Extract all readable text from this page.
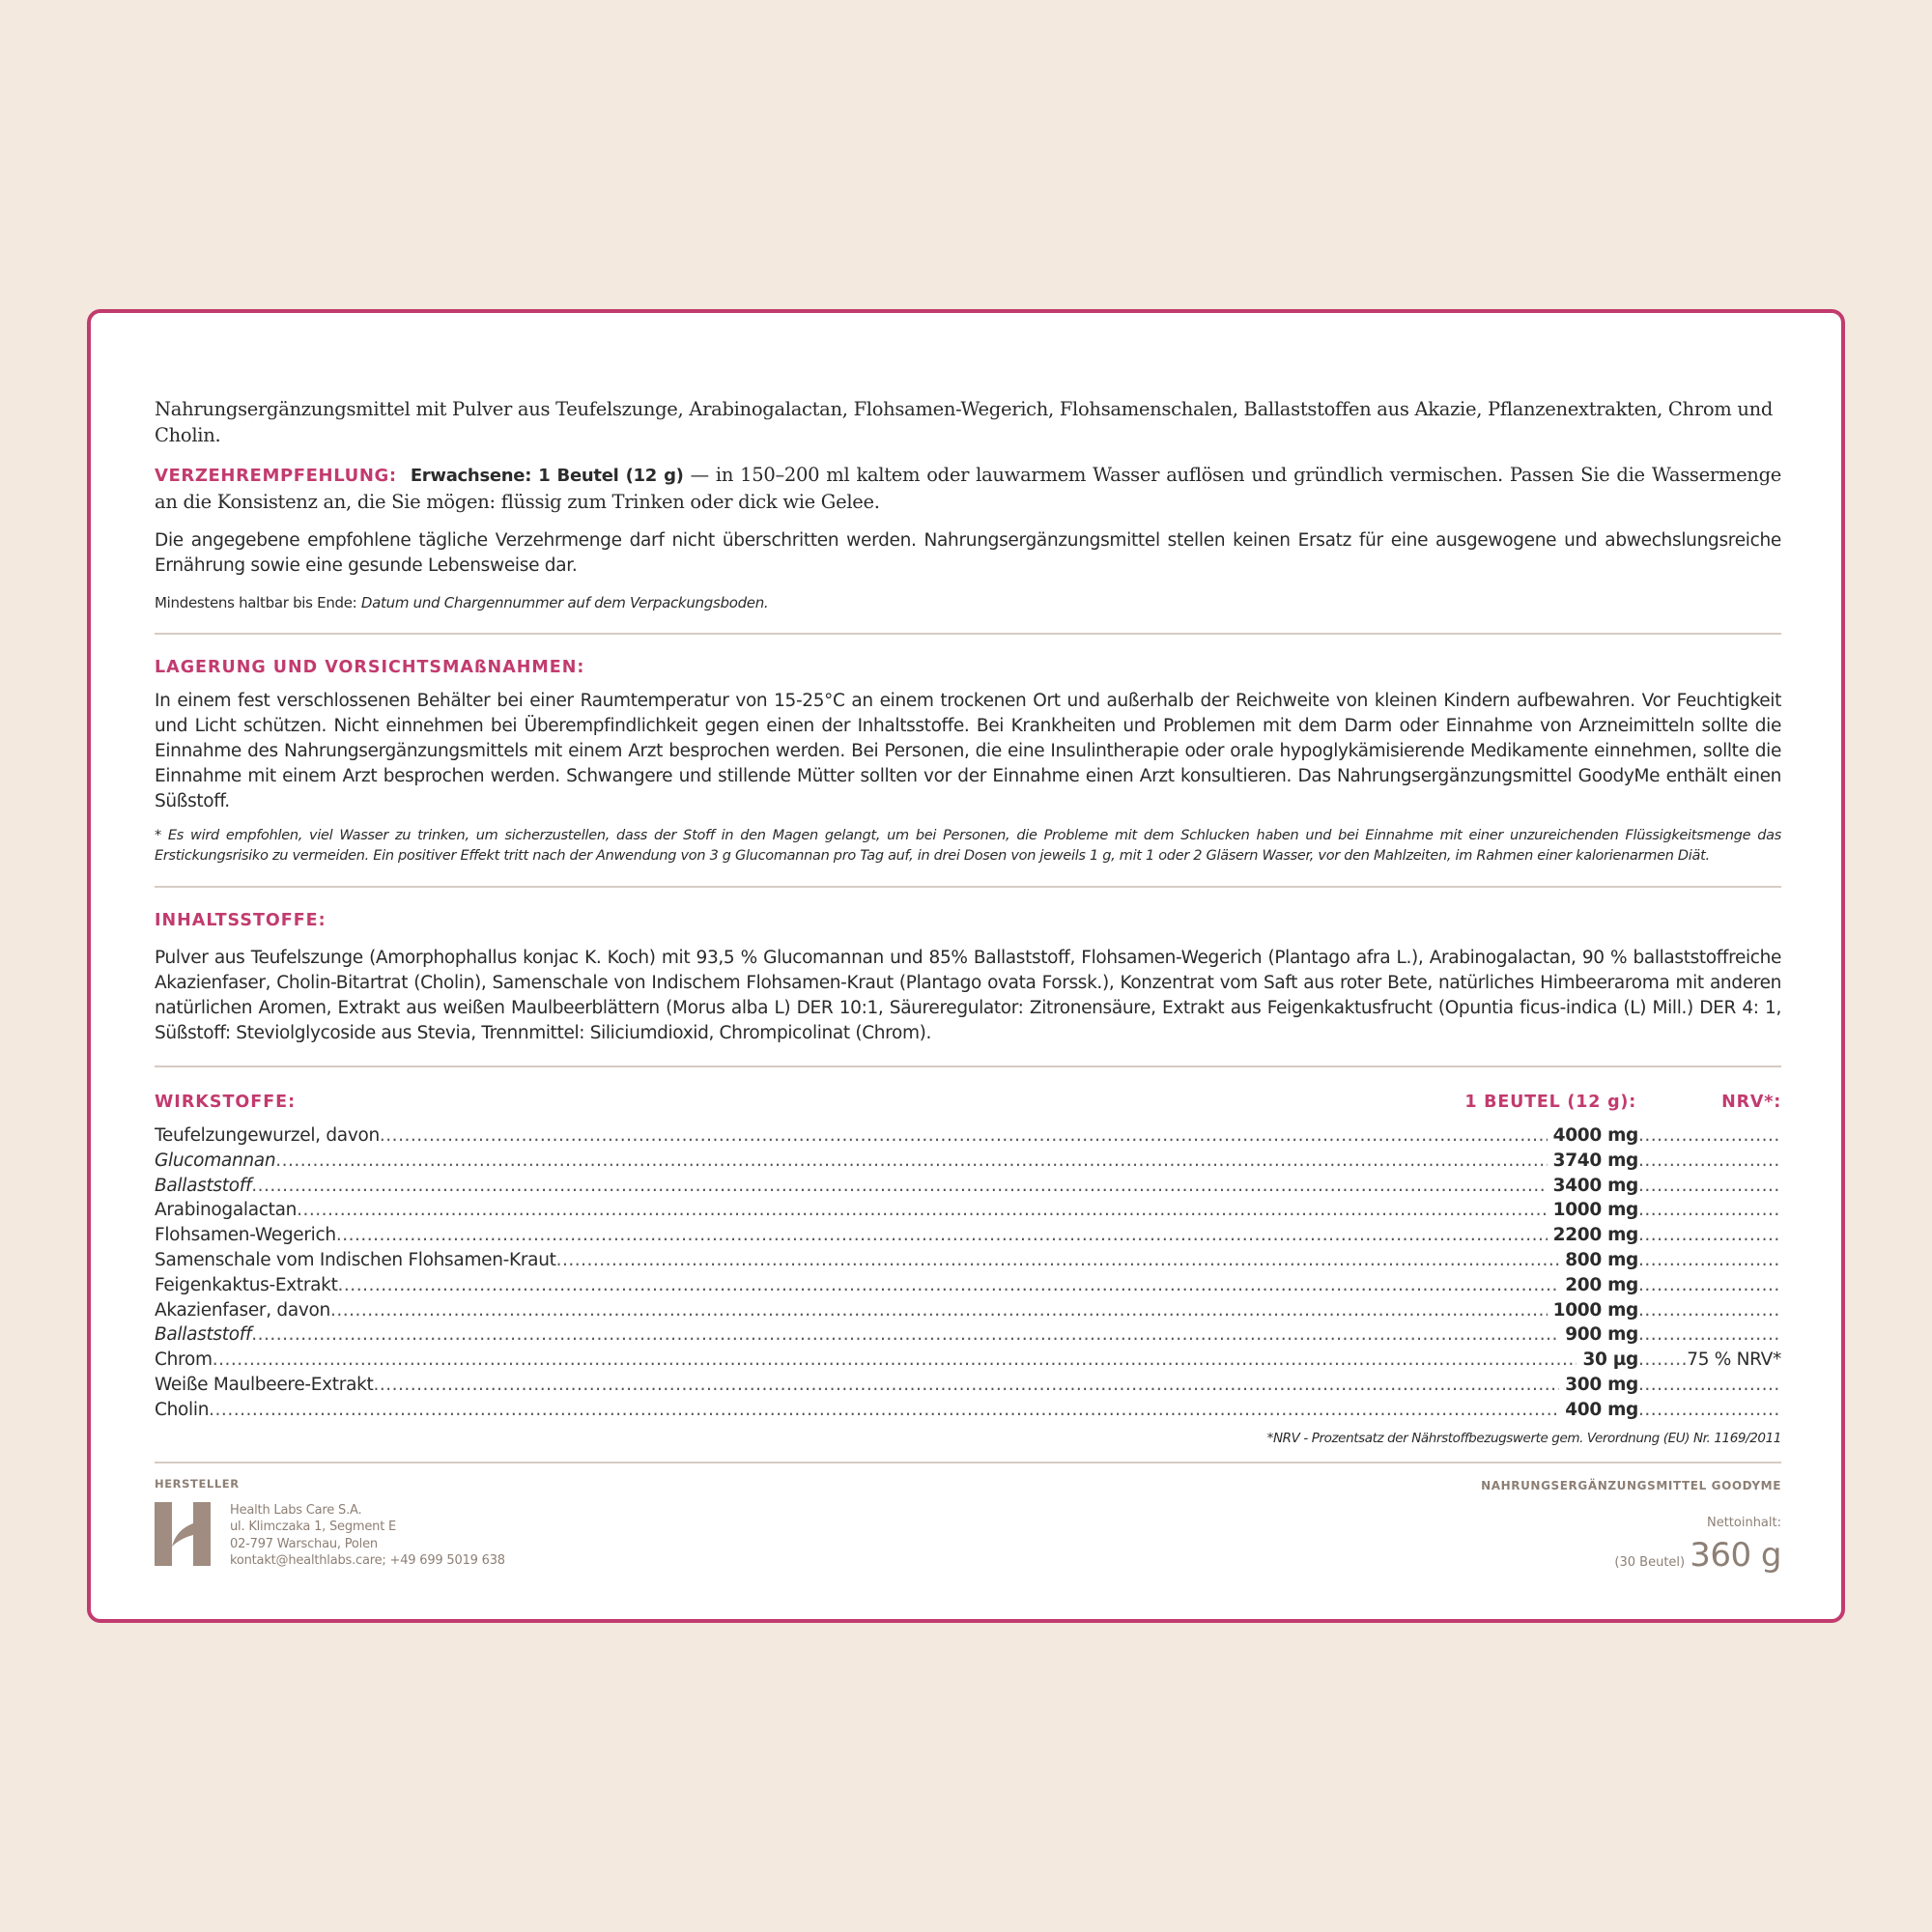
Nahrungsergänzungsmittel mit Pulver aus Teufelszunge, Arabinogalactan, Flohsamen-Wegerich, Flohsamenschalen, Ballaststoffen aus Akazie, Pflanzenextrakten, Chrom und Cholin.

VERZEHREMPFEHLUNG: Erwachsene: 1 Beutel (12 g) — in 150–200 ml kaltem oder lauwarmem Wasser auflösen und gründlich vermischen. Passen Sie die Wassermenge an die Konsistenz an, die Sie mögen: flüssig zum Trinken oder dick wie Gelee.

Die angegebene empfohlene tägliche Verzehrmenge darf nicht überschritten werden. Nahrungsergänzungsmittel stellen keinen Ersatz für eine ausgewogene und abwechslungsreiche Ernährung sowie eine gesunde Lebensweise dar.

Mindestens haltbar bis Ende: Datum und Chargennummer auf dem Verpackungsboden.

LAGERUNG UND VORSICHTSMAßNAHMEN:

In einem fest verschlossenen Behälter bei einer Raumtemperatur von 15-25°C an einem trockenen Ort und außerhalb der Reichweite von kleinen Kindern aufbewahren. Vor Feuchtigkeit und Licht schützen. Nicht einnehmen bei Überempfindlichkeit gegen einen der Inhaltsstoffe. Bei Krankheiten und Problemen mit dem Darm oder Einnahme von Arzneimitteln sollte die Einnahme des Nahrungsergänzungsmittels mit einem Arzt besprochen werden. Bei Personen, die eine Insulintherapie oder orale hypoglykämisierende Medikamente einnehmen, sollte die Einnahme mit einem Arzt besprochen werden. Schwangere und stillende Mütter sollten vor der Einnahme einen Arzt konsultieren. Das Nahrungsergänzungsmittel GoodyMe enthält einen Süßstoff.

* Es wird empfohlen, viel Wasser zu trinken, um sicherzustellen, dass der Stoff in den Magen gelangt, um bei Personen, die Probleme mit dem Schlucken haben und bei Einnahme mit einer unzureichenden Flüssigkeitsmenge das Erstickungsrisiko zu vermeiden. Ein positiver Effekt tritt nach der Anwendung von 3 g Glucomannan pro Tag auf, in drei Dosen von jeweils 1 g, mit 1 oder 2 Gläsern Wasser, vor den Mahlzeiten, im Rahmen einer kalorienarmen Diät.

INHALTSSTOFFE:

Pulver aus Teufelszunge (Amorphophallus konjac K. Koch) mit 93,5 % Glucomannan und 85% Ballaststoff, Flohsamen-Wegerich (Plantago afra L.), Arabinogalactan, 90 % ballaststoffreiche Akazienfaser, Cholin-Bitartrat (Cholin), Samenschale von Indischem Flohsamen-Kraut (Plantago ovata Forssk.), Konzentrat vom Saft aus roter Bete, natürliches Himbeeraroma mit anderen natürlichen Aromen, Extrakt aus weißen Maulbeerblättern (Morus alba L) DER 10:1, Säureregulator: Zitronensäure, Extrakt aus Feigenkaktusfrucht (Opuntia ficus-indica (L) Mill.) DER 4: 1, Süßstoff: Steviolglycoside aus Stevia, Trennmittel: Siliciumdioxid, Chrompicolinat (Chrom).

WIRKSTOFFE:	1 BEUTEL (12 g):	NRV*:
Teufelzungewurzel, davon .....	4000 mg
.....
Glucomannan .....	3740 mg
.....
Ballaststoff .....	3400 mg
.....
Arabinogalactan .....	1000 mg
.....
Flohsamen-Wegerich .....	2200 mg
.....
Samenschale vom Indischen Flohsamen-Kraut .....	800 mg
.....
Feigenkaktus-Extrakt .....	200 mg
.....
Akazienfaser, davon .....	1000 mg
.....
Ballaststoff .....	900 mg
.....
Chrom .....	30 µg .....	75 % NRV*
Weiße Maulbeere-Extrakt .....	300 mg
.....
Cholin .....	400 mg
.....
*NRV - Prozentsatz der Nährstoffbezugswerte gem. Verordnung (EU) Nr. 1169/2011
HERSTELLER
Health Labs Care S.A.
ul. Klimczaka 1, Segment E
02-797 Warschau, Polen
kontakt@healthlabs.care; +49 699 5019 638
NAHRUNGSERGÄNZUNGSMITTEL GOODYME
Nettoinhalt:
(30 Beutel) 360 g
